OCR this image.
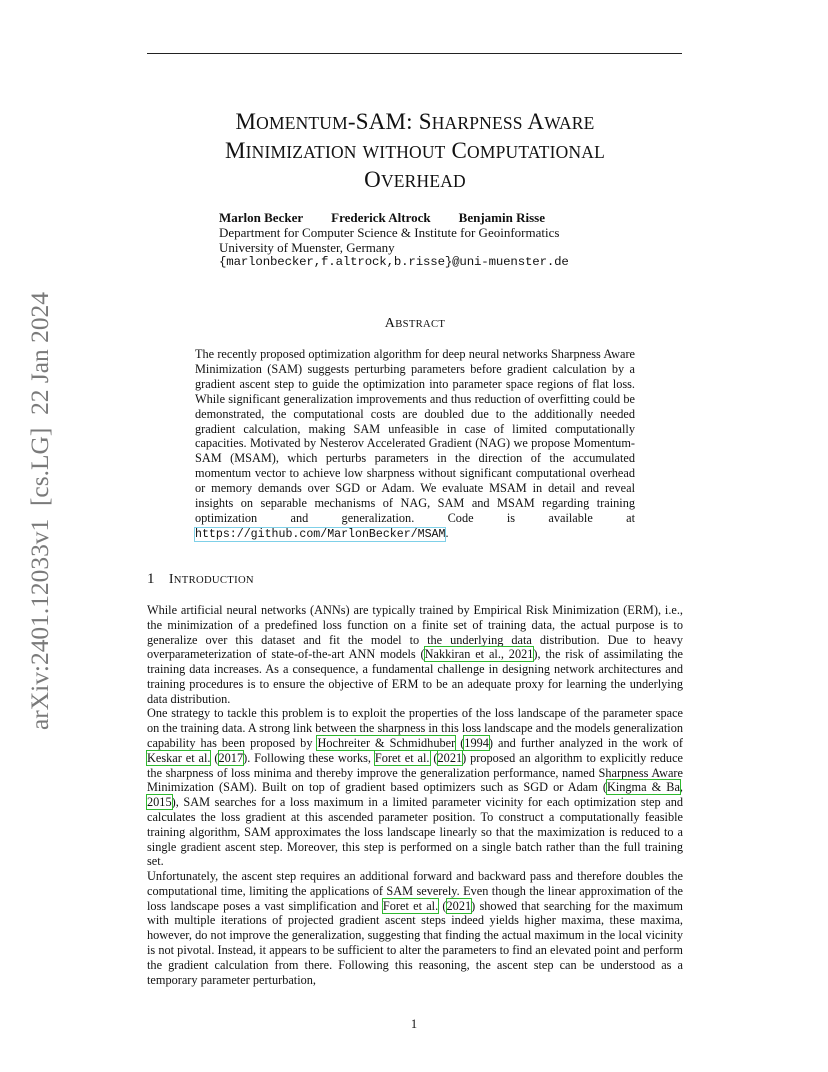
arXiv:2401.12033v1  [cs.LG]  22 Jan 2024
MOMENTUM-SAM: SHARPNESS AWARE
MINIMIZATION WITHOUT COMPUTATIONAL
OVERHEAD
Marlon Becker Frederick Altrock Benjamin Risse
Department for Computer Science & Institute for Geoinformatics
University of Muenster, Germany
{marlonbecker,f.altrock,b.risse}@uni-muenster.de
ABSTRACT
The recently proposed optimization algorithm for deep neural networks Sharpness Aware Minimization (SAM) suggests perturbing parameters before gradient calculation by a gradient ascent step to guide the optimization into parameter space regions of flat loss. While significant generalization improvements and thus reduction of overfitting could be demonstrated, the computational costs are doubled due to the additionally needed gradient calculation, making SAM unfeasible in case of limited computationally capacities. Motivated by Nesterov Accelerated Gradient (NAG) we propose Momentum-SAM (MSAM), which perturbs parameters in the direction of the accumulated momentum vector to achieve low sharpness without significant computational overhead or memory demands over SGD or Adam. We evaluate MSAM in detail and reveal insights on separable mechanisms of NAG, SAM and MSAM regarding training optimization and generalization. Code is available at https://github.com/MarlonBecker/MSAM.
1 INTRODUCTION

While artificial neural networks (ANNs) are typically trained by Empirical Risk Minimization (ERM), i.e., the minimization of a predefined loss function on a finite set of training data, the actual purpose is to generalize over this dataset and fit the model to the underlying data distribution. Due to heavy overparameterization of state-of-the-art ANN models (Nakkiran et al., 2021), the risk of assimilating the training data increases. As a consequence, a fundamental challenge in designing network architectures and training procedures is to ensure the objective of ERM to be an adequate proxy for learning the underlying data distribution.

One strategy to tackle this problem is to exploit the properties of the loss landscape of the parameter space on the training data. A strong link between the sharpness in this loss landscape and the models generalization capability has been proposed by Hochreiter & Schmidhuber (1994) and further analyzed in the work of Keskar et al. (2017). Following these works, Foret et al. (2021) proposed an algorithm to explicitly reduce the sharpness of loss minima and thereby improve the generalization performance, named Sharpness Aware Minimization (SAM). Built on top of gradient based optimizers such as SGD or Adam (Kingma & Ba, 2015), SAM searches for a loss maximum in a limited parameter vicinity for each optimization step and calculates the loss gradient at this ascended parameter position. To construct a computationally feasible training algorithm, SAM approximates the loss landscape linearly so that the maximization is reduced to a single gradient ascent step. Moreover, this step is performed on a single batch rather than the full training set.

Unfortunately, the ascent step requires an additional forward and backward pass and therefore doubles the computational time, limiting the applications of SAM severely. Even though the linear approximation of the loss landscape poses a vast simplification and Foret et al. (2021) showed that searching for the maximum with multiple iterations of projected gradient ascent steps indeed yields higher maxima, these maxima, however, do not improve the generalization, suggesting that finding the actual maximum in the local vicinity is not pivotal. Instead, it appears to be sufficient to alter the parameters to find an elevated point and perform the gradient calculation from there. Following this reasoning, the ascent step can be understood as a temporary parameter perturbation,

1
